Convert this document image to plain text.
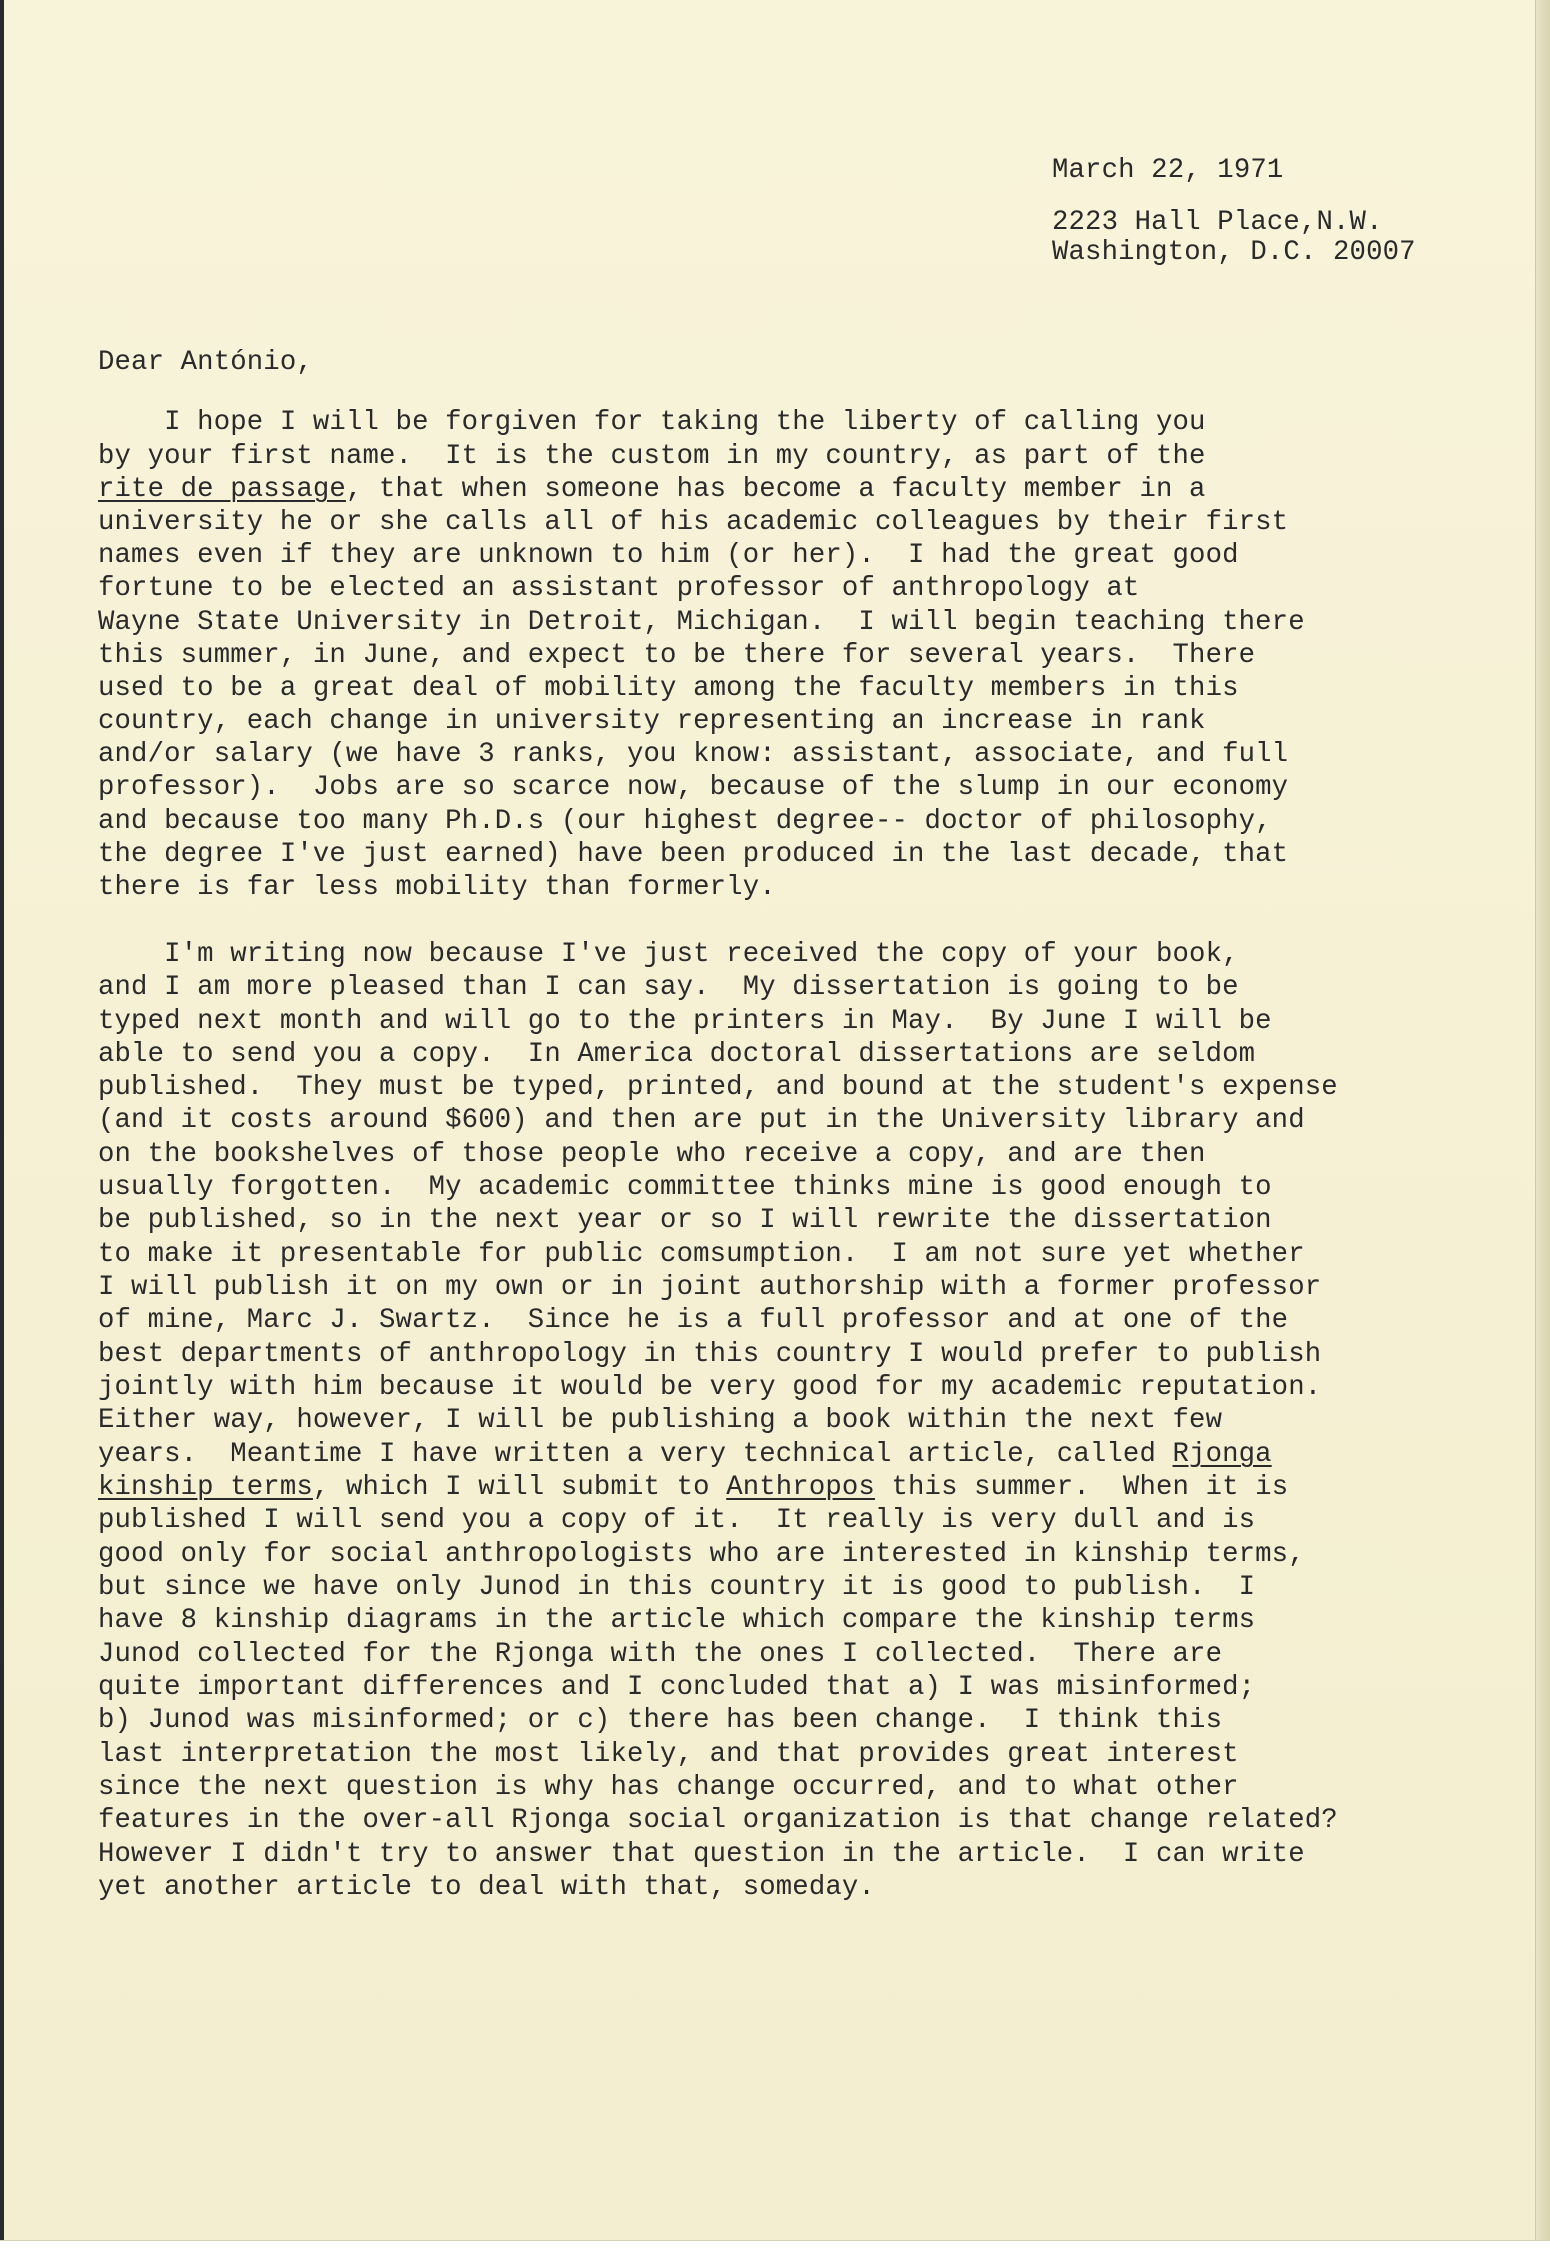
March 22, 1971
2223 Hall Place,N.W.
Washington, D.C. 20007
Dear António,
I hope I will be forgiven for taking the liberty of calling you
by your first name.  It is the custom in my country, as part of the
rite de passage, that when someone has become a faculty member in a
university he or she calls all of his academic colleagues by their first
names even if they are unknown to him (or her).  I had the great good
fortune to be elected an assistant professor of anthropology at
Wayne State University in Detroit, Michigan.  I will begin teaching there
this summer, in June, and expect to be there for several years.  There
used to be a great deal of mobility among the faculty members in this
country, each change in university representing an increase in rank
and/or salary (we have 3 ranks, you know: assistant, associate, and full
professor).  Jobs are so scarce now, because of the slump in our economy
and because too many Ph.D.s (our highest degree-- doctor of philosophy,
the degree I've just earned) have been produced in the last decade, that
there is far less mobility than formerly.
I'm writing now because I've just received the copy of your book,
and I am more pleased than I can say.  My dissertation is going to be
typed next month and will go to the printers in May.  By June I will be
able to send you a copy.  In America doctoral dissertations are seldom
published.  They must be typed, printed, and bound at the student's expense
(and it costs around $600) and then are put in the University library and
on the bookshelves of those people who receive a copy, and are then
usually forgotten.  My academic committee thinks mine is good enough to
be published, so in the next year or so I will rewrite the dissertation
to make it presentable for public comsumption.  I am not sure yet whether
I will publish it on my own or in joint authorship with a former professor
of mine, Marc J. Swartz.  Since he is a full professor and at one of the
best departments of anthropology in this country I would prefer to publish
jointly with him because it would be very good for my academic reputation.
Either way, however, I will be publishing a book within the next few
years.  Meantime I have written a very technical article, called Rjonga
kinship terms, which I will submit to Anthropos this summer.  When it is
published I will send you a copy of it.  It really is very dull and is
good only for social anthropologists who are interested in kinship terms,
but since we have only Junod in this country it is good to publish.  I
have 8 kinship diagrams in the article which compare the kinship terms
Junod collected for the Rjonga with the ones I collected.  There are
quite important differences and I concluded that a) I was misinformed;
b) Junod was misinformed; or c) there has been change.  I think this
last interpretation the most likely, and that provides great interest
since the next question is why has change occurred, and to what other
features in the over-all Rjonga social organization is that change related?
However I didn't try to answer that question in the article.  I can write
yet another article to deal with that, someday.
